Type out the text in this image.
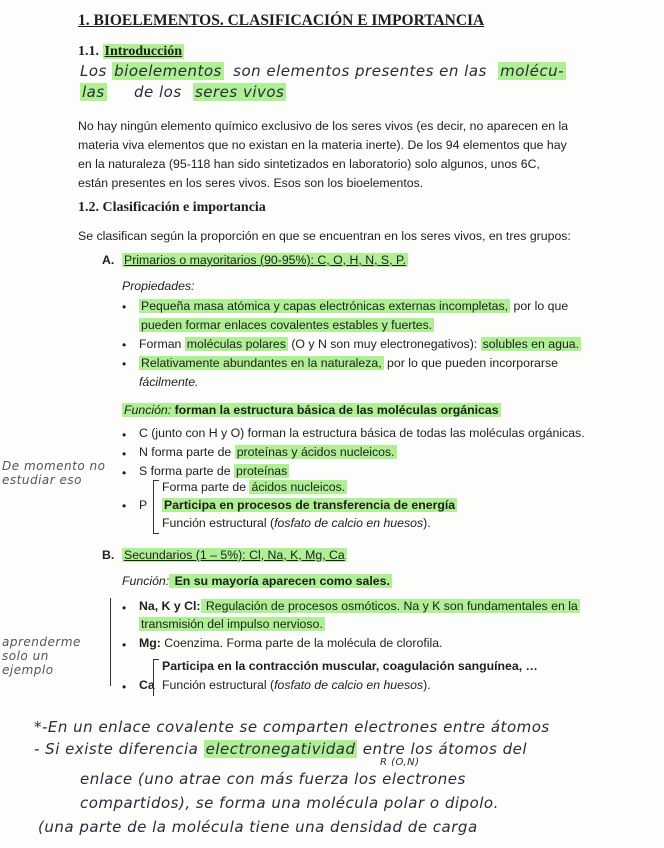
1. BIOELEMENTOS. CLASIFICACIÓN E IMPORTANCIA
1.1. Introducción
Los bioelementos son elementos presentes en las molécu-
las de los seres vivos
No hay ningún elemento químico exclusivo de los seres vivos (es decir, no aparecen en la
materia viva elementos que no existan en la materia inerte). De los 94 elementos que hay
en la naturaleza (95-118 han sido sintetizados en laboratorio) solo algunos, unos 6C,
están presentes en los seres vivos. Esos son los bioelementos.
1.2. Clasificación e importancia
Se clasifican según la proporción en que se encuentran en los seres vivos, en tres grupos:
A. Primarios o mayoritarios (90-95%): C, O, H, N, S, P.
Propiedades:
• Pequeña masa atómica y capas electrónicas externas incompletas, por lo que
pueden formar enlaces covalentes estables y fuertes.
• Forman moléculas polares (O y N son muy electronegativos): solubles en agua.
• Relativamente abundantes en la naturaleza, por lo que pueden incorporarse
fácilmente.
Función: forman la estructura básica de las moléculas orgánicas
• C (junto con H y O) forman la estructura básica de todas las moléculas orgánicas.
• N forma parte de proteínas y ácidos nucleicos.
• S forma parte de proteínas
De momento no
estudiar eso
• P
Forma parte de ácidos nucleicos.
Participa en procesos de transferencia de energía
Función estructural (fosfato de calcio en huesos).
B. Secundarios (1 – 5%): Cl, Na, K, Mg, Ca
Función: En su mayoría aparecen como sales.
• Na, K y Cl: Regulación de procesos osmóticos. Na y K son fundamentales en la
transmisión del impulso nervioso.
• Mg: Coenzima. Forma parte de la molécula de clorofila.
aprenderme
solo un
ejemplo
• Ca
Participa en la contracción muscular, coagulación sanguínea, …
Función estructural (fosfato de calcio en huesos).
*-En un enlace covalente se comparten electrones entre átomos
- Si existe diferencia electronegatividad entre los átomos del
R (O,N)
enlace (uno atrae con más fuerza los electrones
compartidos), se forma una molécula polar o dipolo.
(una parte de la molécula tiene una densidad de carga
